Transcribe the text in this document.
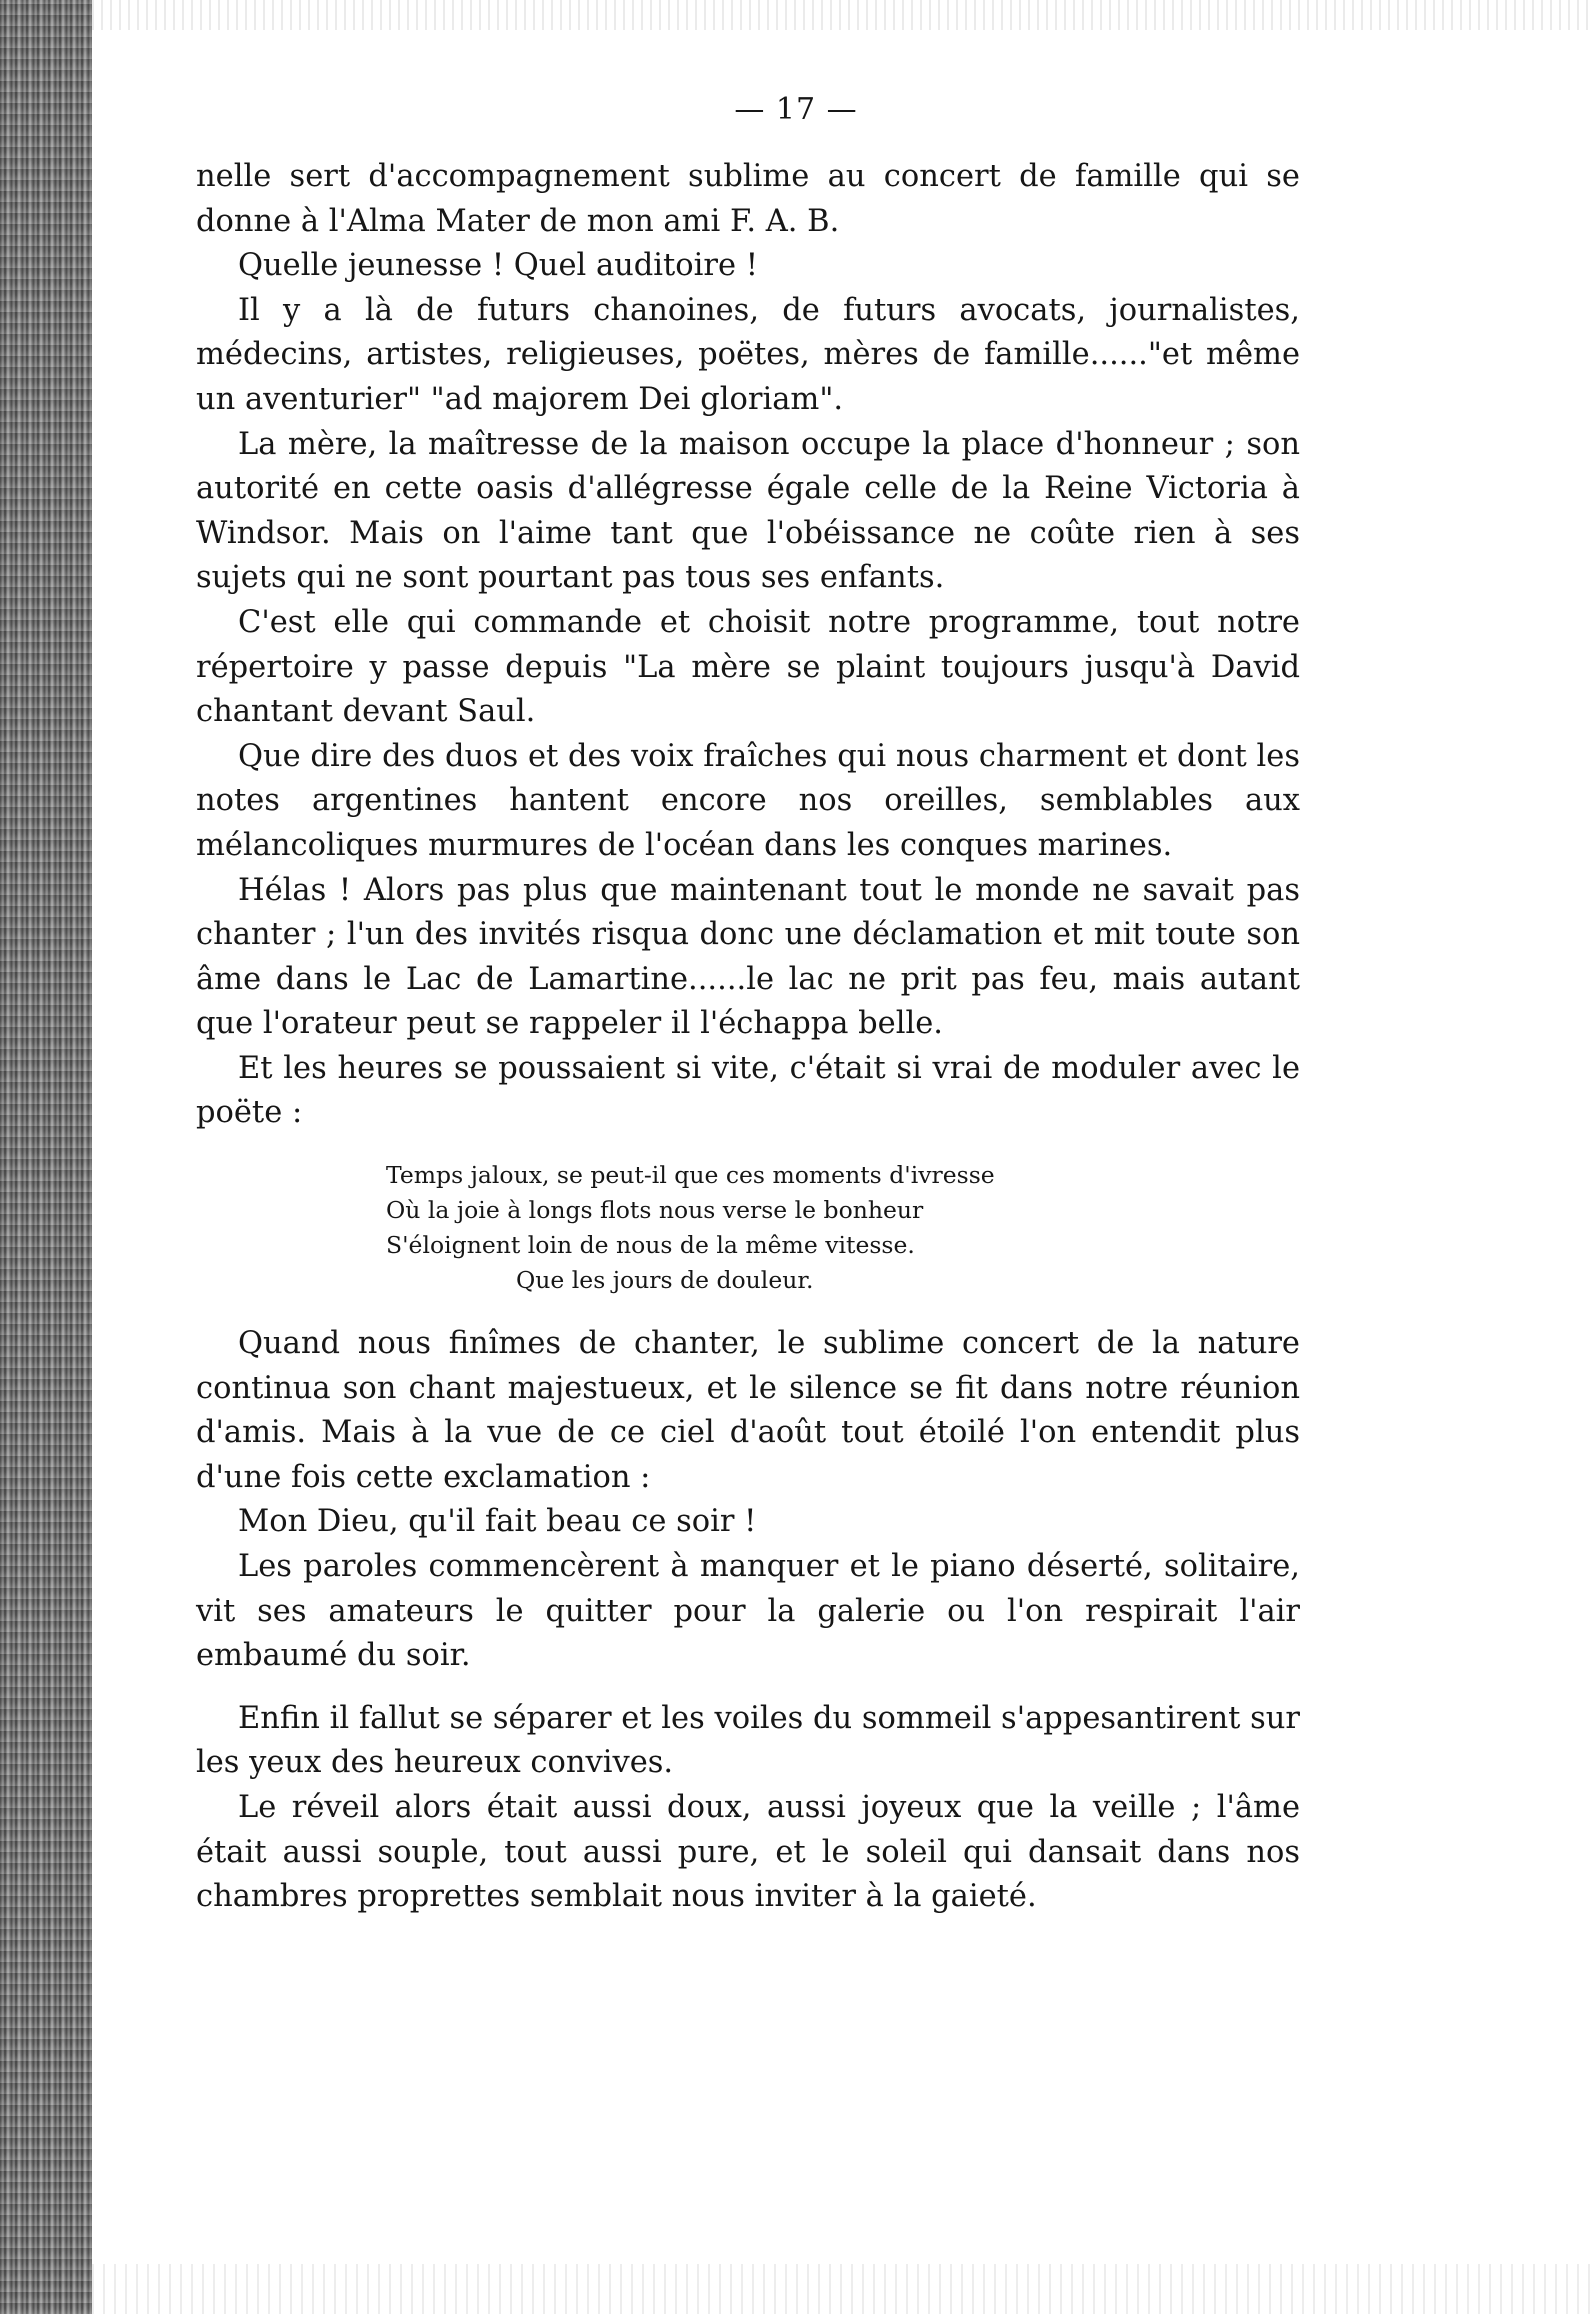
— 17 —

nelle sert d'accompagnement sublime au concert de famille qui se donne à l'Alma Mater de mon ami F. A. B.

Quelle jeunesse ! Quel auditoire !

Il y a là de futurs chanoines, de futurs avocats, journalistes, médecins, artistes, religieuses, poëtes, mères de famille......"et même un aventurier" "ad majorem Dei gloriam".

La mère, la maîtresse de la maison occupe la place d'honneur ; son autorité en cette oasis d'allégresse égale celle de la Reine Victoria à Windsor. Mais on l'aime tant que l'obéissance ne coûte rien à ses sujets qui ne sont pourtant pas tous ses enfants.

C'est elle qui commande et choisit notre programme, tout notre répertoire y passe depuis "La mère se plaint toujours jusqu'à David chantant devant Saul.

Que dire des duos et des voix fraîches qui nous charment et dont les notes argentines hantent encore nos oreilles, semblables aux mélancoliques murmures de l'océan dans les conques marines.

Hélas ! Alors pas plus que maintenant tout le monde ne savait pas chanter ; l'un des invités risqua donc une déclamation et mit toute son âme dans le Lac de Lamartine......le lac ne prit pas feu, mais autant que l'orateur peut se rappeler il l'échappa belle.

Et les heures se poussaient si vite, c'était si vrai de moduler avec le poëte :

Temps jaloux, se peut-il que ces moments d'ivresse
Où la joie à longs flots nous verse le bonheur
S'éloignent loin de nous de la même vitesse.
Que les jours de douleur.

Quand nous finîmes de chanter, le sublime concert de la nature continua son chant majestueux, et le silence se fit dans notre réunion d'amis. Mais à la vue de ce ciel d'août tout étoilé l'on entendit plus d'une fois cette exclamation :

Mon Dieu, qu'il fait beau ce soir !

Les paroles commencèrent à manquer et le piano déserté, solitaire, vit ses amateurs le quitter pour la galerie ou l'on respirait l'air embaumé du soir.

Enfin il fallut se séparer et les voiles du sommeil s'appesantirent sur les yeux des heureux convives.

Le réveil alors était aussi doux, aussi joyeux que la veille ; l'âme était aussi souple, tout aussi pure, et le soleil qui dansait dans nos chambres proprettes semblait nous inviter à la gaieté.
